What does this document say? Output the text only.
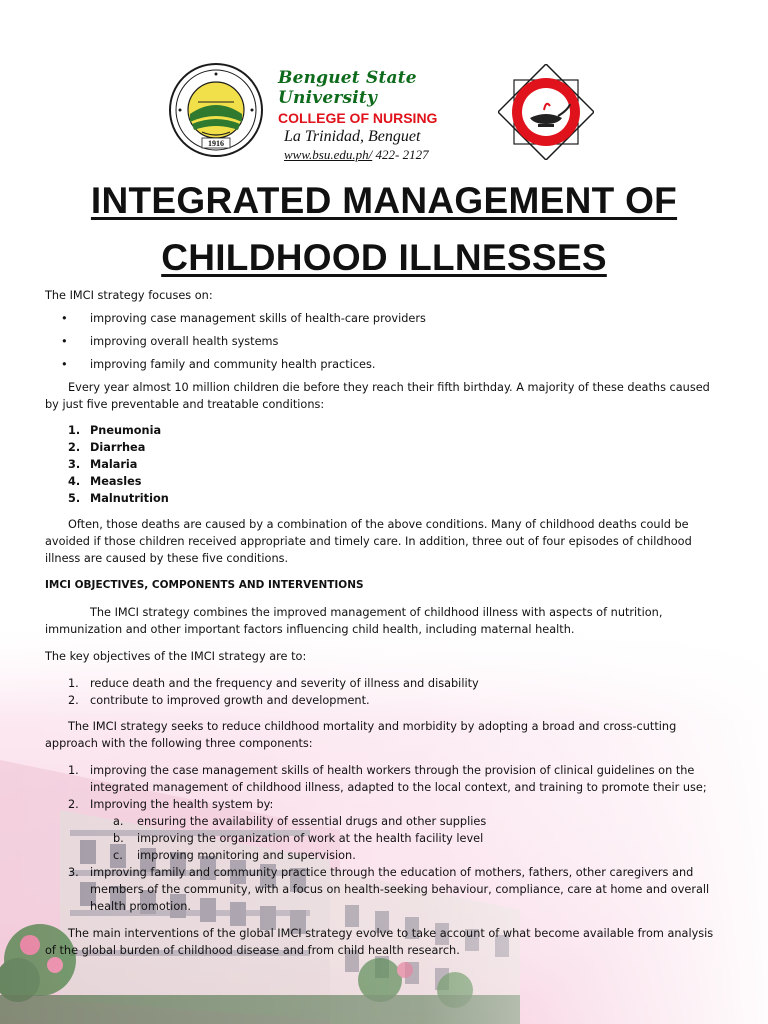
1916
Benguet State University
COLLEGE OF NURSING
La Trinidad, Benguet
www.bsu.edu.ph/ 422- 2127
INTEGRATED MANAGEMENT OF
CHILDHOOD ILLNESSES

The IMCI strategy focuses on:

• improving case management skills of health-care providers

• improving overall health systems

• improving family and community health practices.

Every year almost 10 million children die before they reach their fifth birthday. A majority of these deaths caused by just five preventable and treatable conditions:

1. Pneumonia

2. Diarrhea

3. Malaria

4. Measles

5. Malnutrition

Often, those deaths are caused by a combination of the above conditions. Many of childhood deaths could be avoided if those children received appropriate and timely care. In addition, three out of four episodes of childhood illness are caused by these five conditions.

IMCI OBJECTIVES, COMPONENTS AND INTERVENTIONS

The IMCI strategy combines the improved management of childhood illness with aspects of nutrition, immunization and other important factors influencing child health, including maternal health.

The key objectives of the IMCI strategy are to:

1. reduce death and the frequency and severity of illness and disability

2. contribute to improved growth and development.

The IMCI strategy seeks to reduce childhood mortality and morbidity by adopting a broad and cross-cutting approach with the following three components:

1. improving the case management skills of health workers through the provision of clinical guidelines on the integrated management of childhood illness, adapted to the local context, and training to promote their use;

2. Improving the health system by:

a. ensuring the availability of essential drugs and other supplies

b. improving the organization of work at the health facility level

c. improving monitoring and supervision.

3. improving family and community practice through the education of mothers, fathers, other caregivers and members of the community, with a focus on health-seeking behaviour, compliance, care at home and overall health promotion.

The main interventions of the global IMCI strategy evolve to take account of what become available from analysis of the global burden of childhood disease and from child health research.
